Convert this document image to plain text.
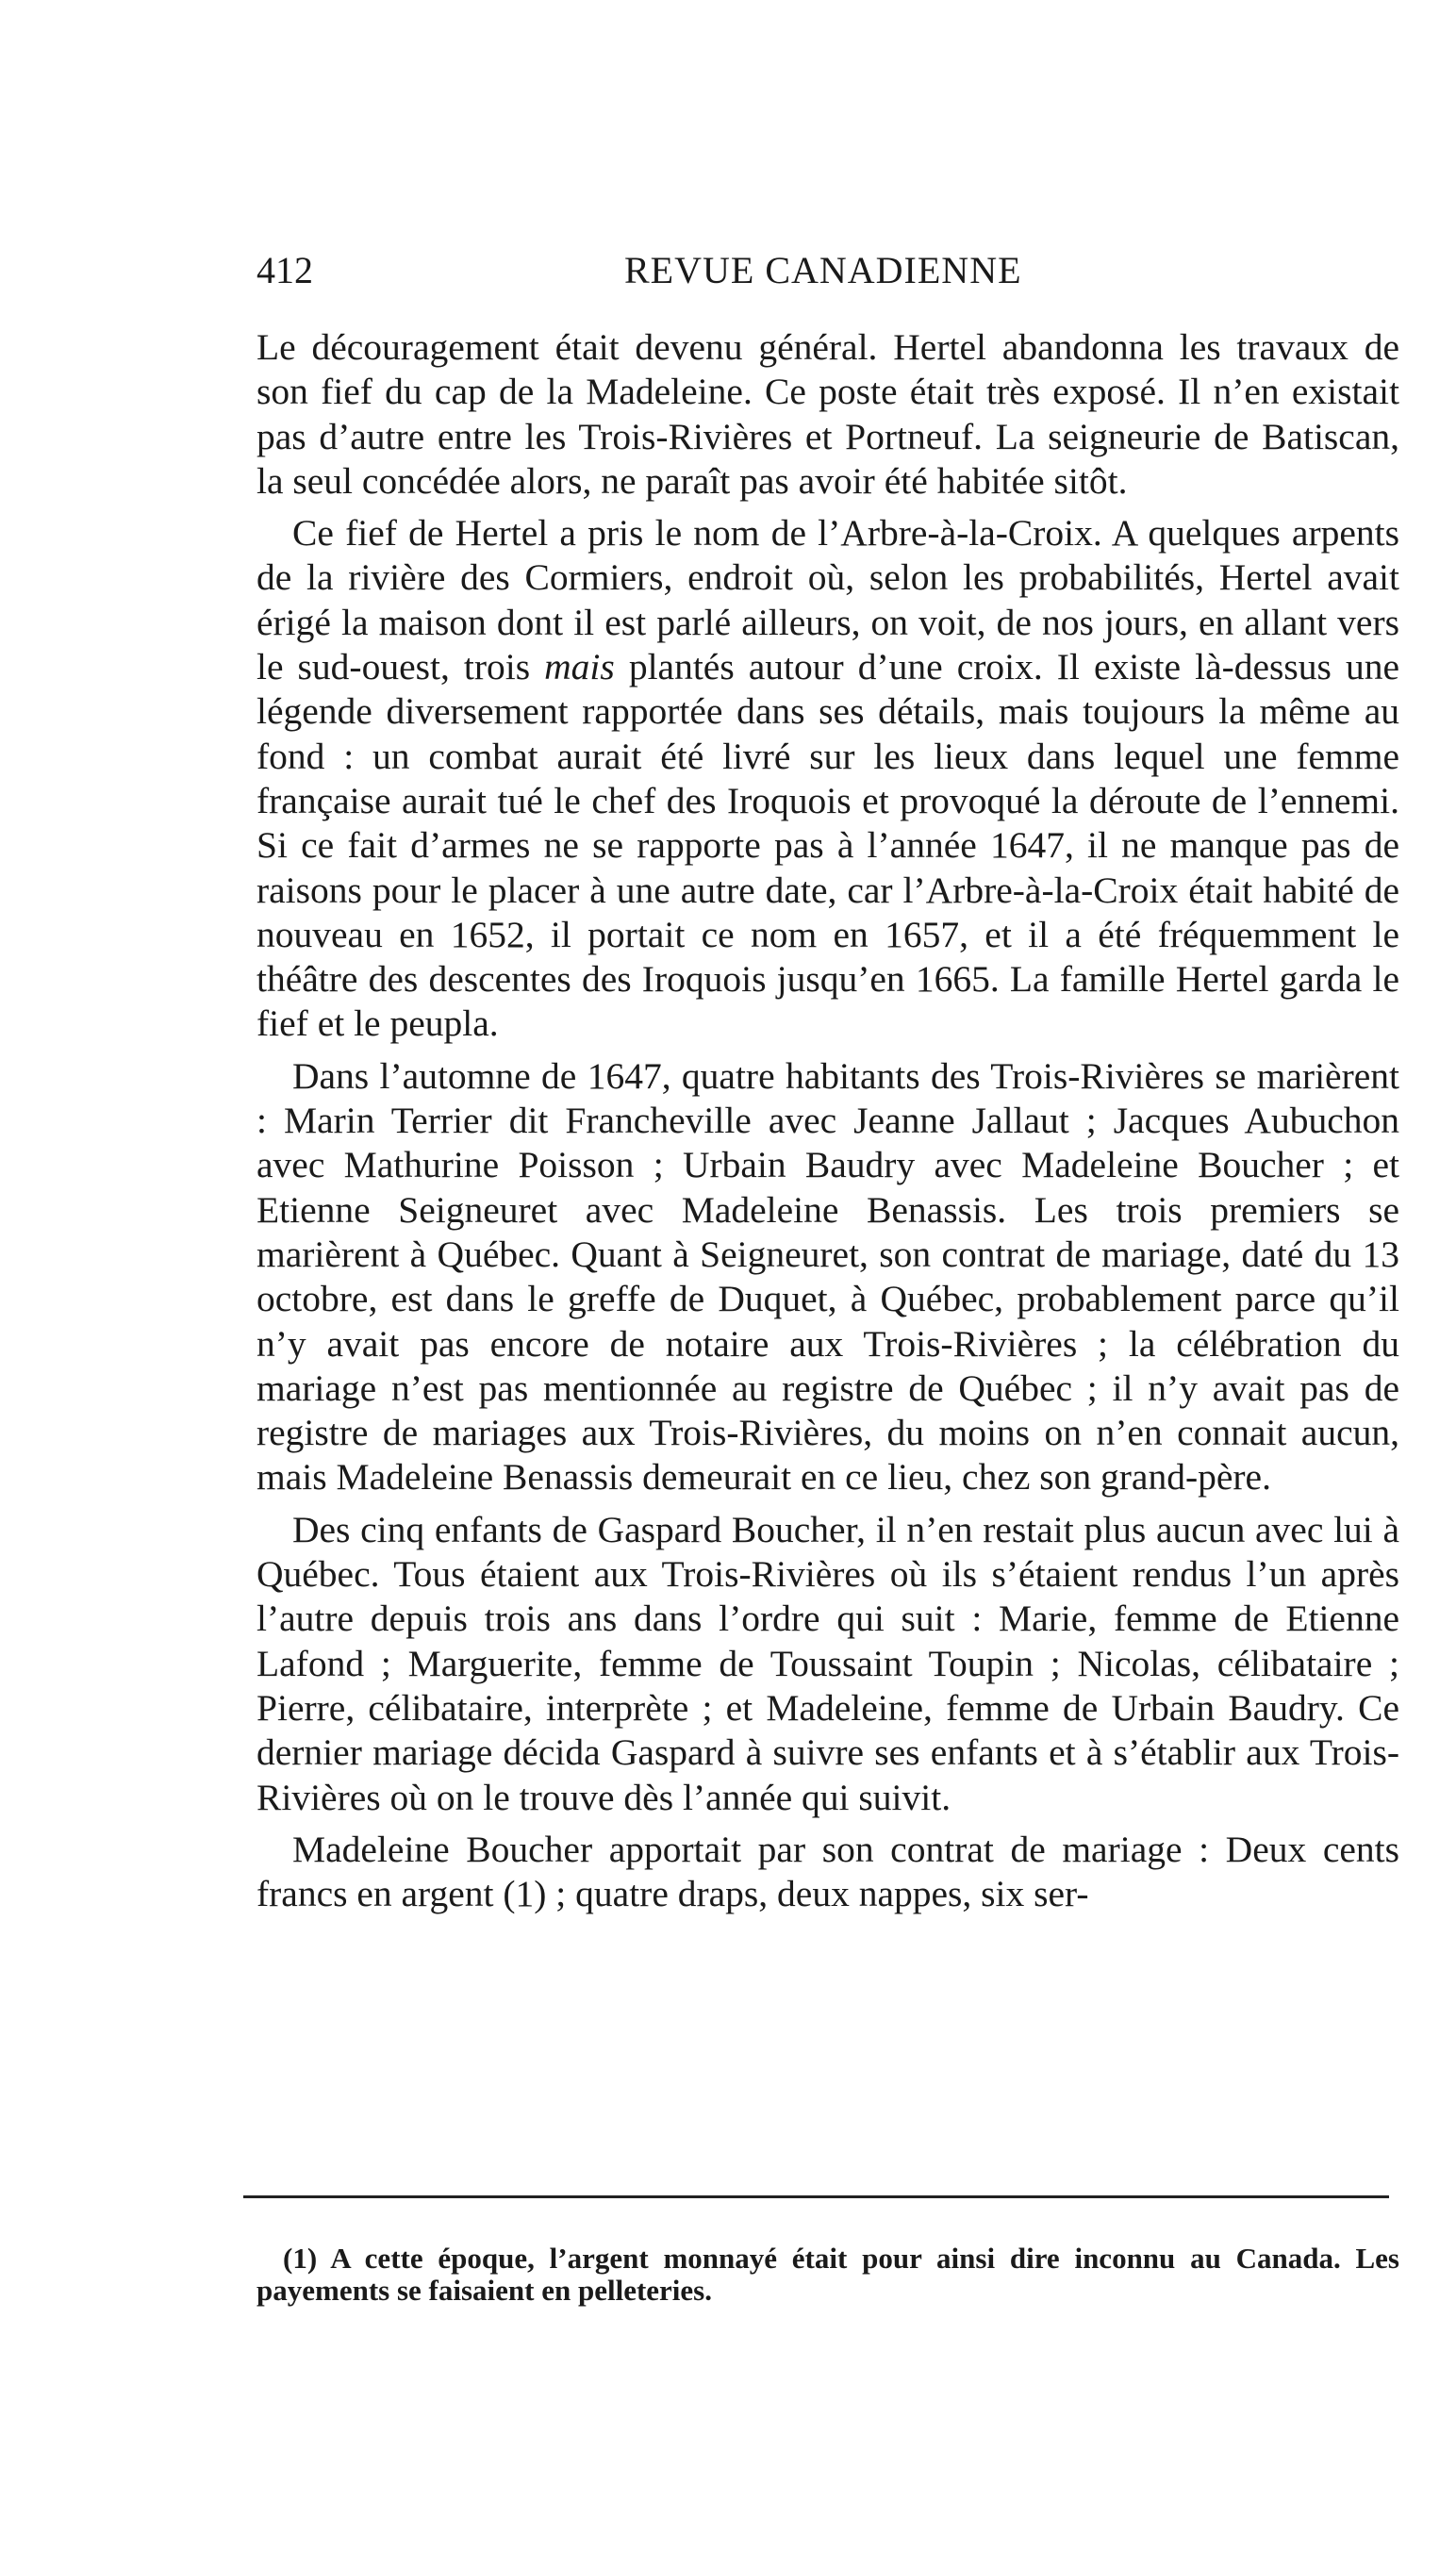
412	REVUE CANADIENNE

Le découragement était devenu général. Hertel abandonna les travaux de son fief du cap de la Madeleine. Ce poste était très exposé. Il n’en existait pas d’autre entre les Trois-Rivières et Portneuf. La seigneurie de Batiscan, la seul concédée alors, ne paraît pas avoir été habitée sitôt.

Ce fief de Hertel a pris le nom de l’Arbre-à-la-Croix. A quelques arpents de la rivière des Cormiers, endroit où, selon les probabilités, Hertel avait érigé la maison dont il est parlé ailleurs, on voit, de nos jours, en allant vers le sud-ouest, trois mais plantés autour d’une croix. Il existe là-dessus une légende diversement rapportée dans ses détails, mais toujours la même au fond : un combat aurait été livré sur les lieux dans lequel une femme française aurait tué le chef des Iroquois et provoqué la déroute de l’ennemi. Si ce fait d’armes ne se rapporte pas à l’année 1647, il ne manque pas de raisons pour le placer à une autre date, car l’Arbre-à-la-Croix était habité de nouveau en 1652, il portait ce nom en 1657, et il a été fréquemment le théâtre des descentes des Iroquois jusqu’en 1665. La famille Hertel garda le fief et le peupla.

Dans l’automne de 1647, quatre habitants des Trois-Rivières se marièrent : Marin Terrier dit Francheville avec Jeanne Jallaut ; Jacques Aubuchon avec Mathurine Poisson ; Urbain Baudry avec Madeleine Boucher ; et Etienne Seigneuret avec Madeleine Benassis. Les trois premiers se marièrent à Québec. Quant à Seigneuret, son contrat de mariage, daté du 13 octobre, est dans le greffe de Duquet, à Québec, probablement parce qu’il n’y avait pas encore de notaire aux Trois-Rivières ; la célébration du mariage n’est pas mentionnée au registre de Québec ; il n’y avait pas de registre de mariages aux Trois-Rivières, du moins on n’en connait aucun, mais Madeleine Benassis demeurait en ce lieu, chez son grand-père.

Des cinq enfants de Gaspard Boucher, il n’en restait plus aucun avec lui à Québec. Tous étaient aux Trois-Rivières où ils s’étaient rendus l’un après l’autre depuis trois ans dans l’ordre qui suit : Marie, femme de Etienne Lafond ; Marguerite, femme de Toussaint Toupin ; Nicolas, célibataire ; Pierre, célibataire, interprète ; et Madeleine, femme de Urbain Baudry. Ce dernier mariage décida Gaspard à suivre ses enfants et à s’établir aux Trois-Rivières où on le trouve dès l’année qui suivit.

Madeleine Boucher apportait par son contrat de mariage : Deux cents francs en argent (1) ; quatre draps, deux nappes, six ser-

(1) A cette époque, l’argent monnayé était pour ainsi dire inconnu au Canada. Les payements se faisaient en pelleteries.
